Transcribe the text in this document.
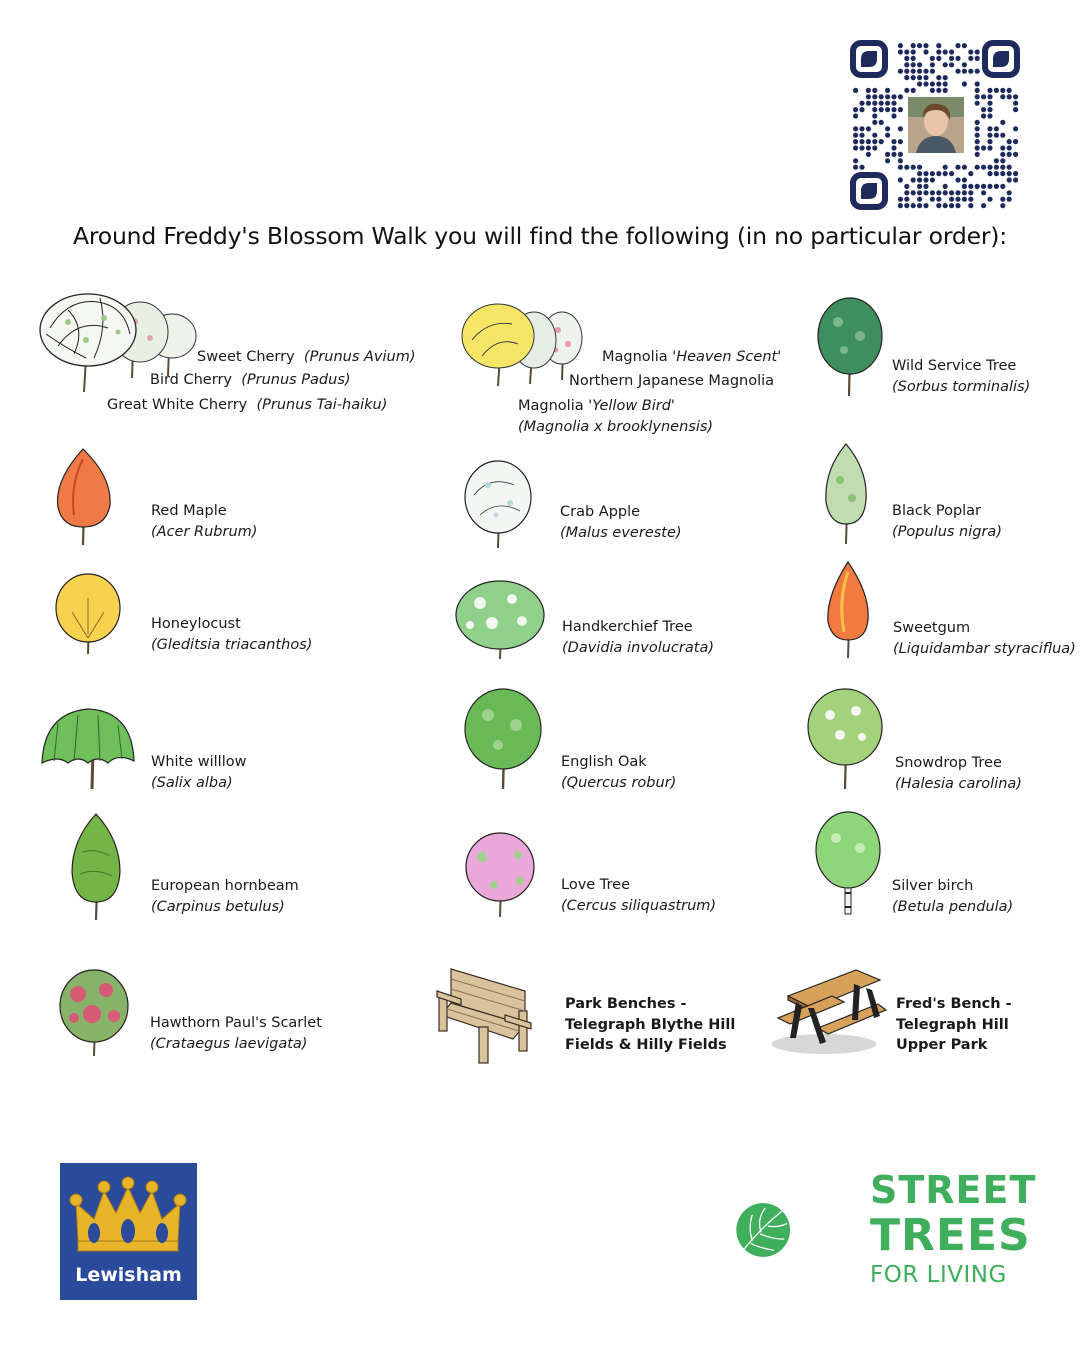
Around Freddy's Blossom Walk you will find the following (in no particular order):
Sweet Cherry (Prunus Avium)
Bird Cherry (Prunus Padus)
Great White Cherry (Prunus Tai-haiku)
Magnolia 'Heaven Scent'
Northern Japanese Magnolia
Magnolia 'Yellow Bird'
(Magnolia x brooklynensis)
Wild Service Tree
(Sorbus torminalis)
Red Maple
(Acer Rubrum)
Crab Apple
(Malus evereste)
Black Poplar
(Populus nigra)
Honeylocust
(Gleditsia triacanthos)
Handkerchief Tree
(Davidia involucrata)
Sweetgum
(Liquidambar styraciflua)
White willlow
(Salix alba)
English Oak
(Quercus robur)
Snowdrop Tree
(Halesia carolina)
European hornbeam
(Carpinus betulus)
Love Tree
(Cercus siliquastrum)
Silver birch
(Betula pendula)
Hawthorn Paul's Scarlet
(Crataegus laevigata)
Park Benches -
Telegraph Blythe Hill
Fields & Hilly Fields
Fred's Bench -
Telegraph Hill
Upper Park
Lewisham
STREET
TREES
FOR LIVING
